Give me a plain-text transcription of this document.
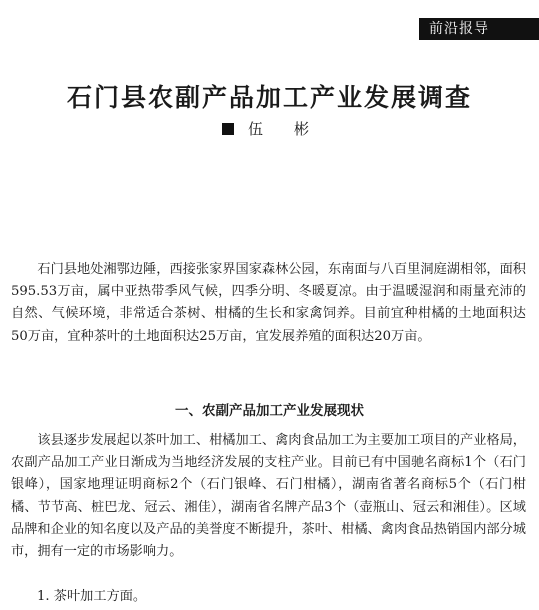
前沿报导
石门县农副产品加工产业发展调查
伍　彬

石门县地处湘鄂边陲，西接张家界国家森林公园，东南面与八百里洞庭湖相邻，面积595.53万亩，属中亚热带季风气候，四季分明、冬暖夏凉。由于温暖湿润和雨量充沛的自然、气候环境，非常适合茶树、柑橘的生长和家禽饲养。目前宜种柑橘的土地面积达50万亩，宜种茶叶的土地面积达25万亩，宜发展养殖的面积达20万亩。

一、农副产品加工产业发展现状

该县逐步发展起以茶叶加工、柑橘加工、禽肉食品加工为主要加工项目的产业格局，农副产品加工产业日渐成为当地经济发展的支柱产业。目前已有中国驰名商标1个（石门银峰），国家地理证明商标2个（石门银峰、石门柑橘），湖南省著名商标5个（石门柑橘、节节高、桩巴龙、冠云、湘佳），湖南省名牌产品3个（壶瓶山、冠云和湘佳）。区域品牌和企业的知名度以及产品的美誉度不断提升，茶叶、柑橘、禽肉食品热销国内部分城市，拥有一定的市场影响力。

1. 茶叶加工方面。
